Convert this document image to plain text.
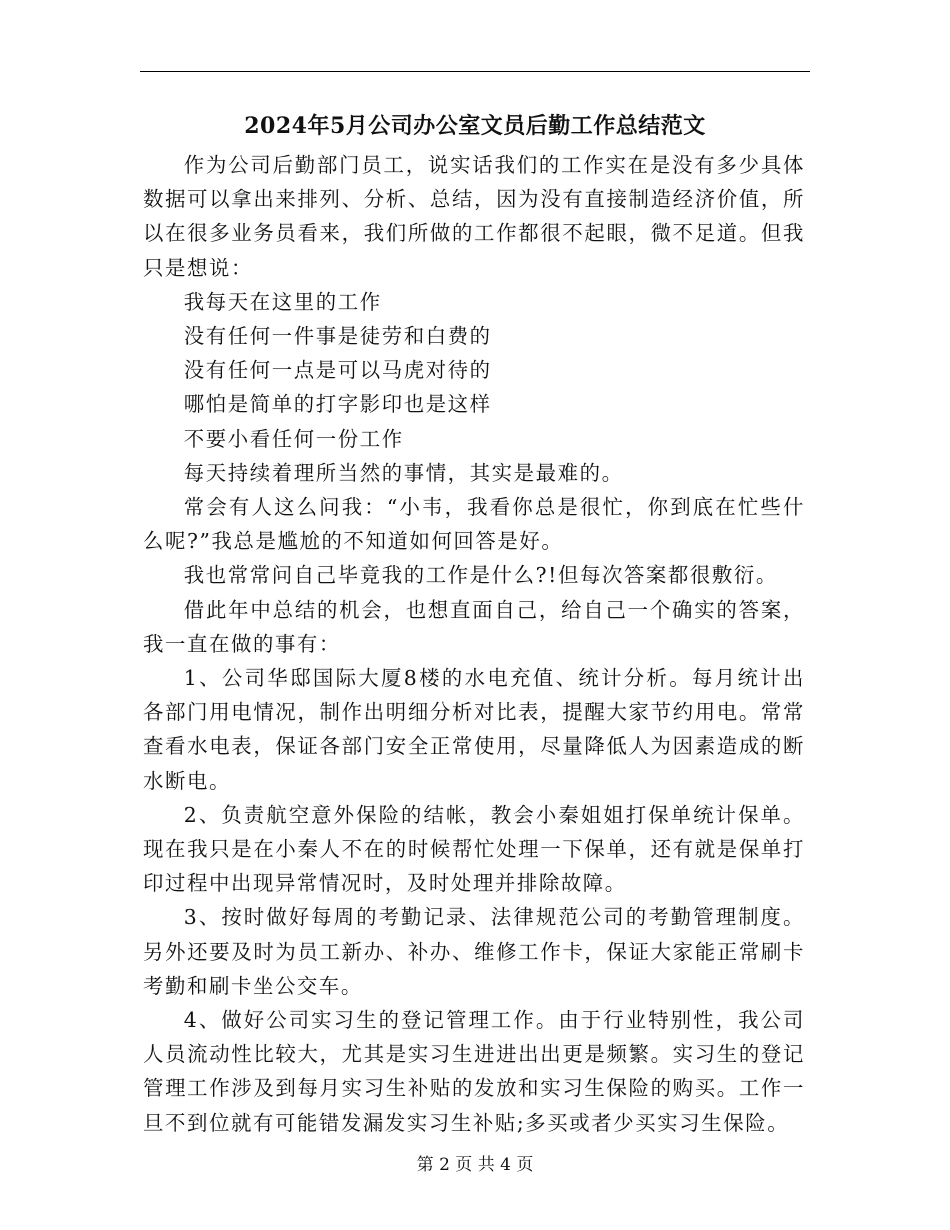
2024年5月公司办公室文员后勤工作总结范文

作为公司后勤部门员工，说实话我们的工作实在是没有多少具体数据可以拿出来排列、分析、总结，因为没有直接制造经济价值，所以在很多业务员看来，我们所做的工作都很不起眼，微不足道。但我只是想说：

我每天在这里的工作

没有任何一件事是徒劳和白费的

没有任何一点是可以马虎对待的

哪怕是简单的打字影印也是这样

不要小看任何一份工作

每天持续着理所当然的事情，其实是最难的。

常会有人这么问我：“小韦，我看你总是很忙，你到底在忙些什么呢?”我总是尴尬的不知道如何回答是好。

我也常常问自己毕竟我的工作是什么?!但每次答案都很敷衍。

借此年中总结的机会，也想直面自己，给自己一个确实的答案，我一直在做的事有：

1、公司华邸国际大厦8楼的水电充值、统计分析。每月统计出各部门用电情况，制作出明细分析对比表，提醒大家节约用电。常常查看水电表，保证各部门安全正常使用，尽量降低人为因素造成的断水断电。

2、负责航空意外保险的结帐，教会小秦姐姐打保单统计保单。现在我只是在小秦人不在的时候帮忙处理一下保单，还有就是保单打印过程中出现异常情况时，及时处理并排除故障。

3、按时做好每周的考勤记录、法律规范公司的考勤管理制度。另外还要及时为员工新办、补办、维修工作卡，保证大家能正常刷卡考勤和刷卡坐公交车。

4、做好公司实习生的登记管理工作。由于行业特别性，我公司人员流动性比较大，尤其是实习生进进出出更是频繁。实习生的登记管理工作涉及到每月实习生补贴的发放和实习生保险的购买。工作一旦不到位就有可能错发漏发实习生补贴;多买或者少买实习生保险。

第 2 页 共 4 页
